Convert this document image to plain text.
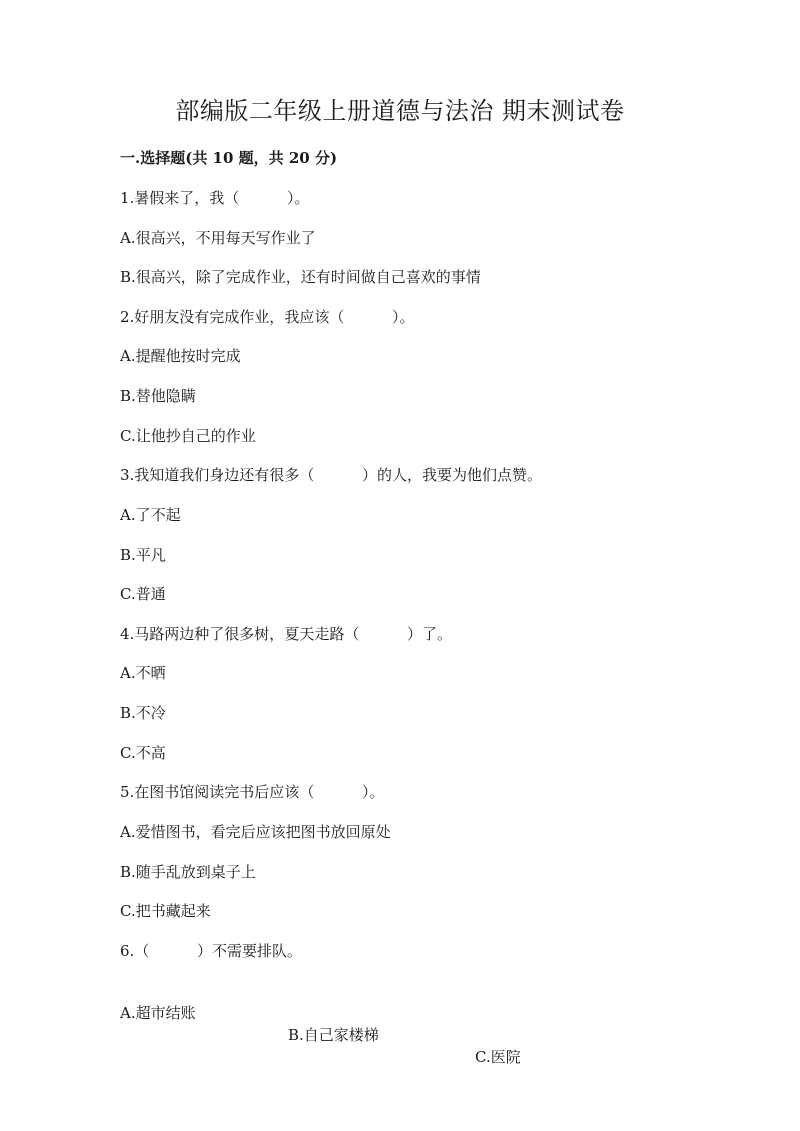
部编版二年级上册道德与法治 期末测试卷
一.选择题(共 10 题，共 20 分)
1.暑假来了，我（          ）。
A.很高兴，不用每天写作业了
B.很高兴，除了完成作业，还有时间做自己喜欢的事情
2.好朋友没有完成作业，我应该（          ）。
A.提醒他按时完成
B.替他隐瞒
C.让他抄自己的作业
3.我知道我们身边还有很多（          ）的人，我要为他们点赞。
A.了不起
B.平凡
C.普通
4.马路两边种了很多树，夏天走路（          ）了。
A.不晒
B.不冷
C.不高
5.在图书馆阅读完书后应该（          ）。
A.爱惜图书，看完后应该把图书放回原处
B.随手乱放到桌子上
C.把书藏起来
6.（          ）不需要排队。

A.超市结账

B.自己家楼梯

C.医院
